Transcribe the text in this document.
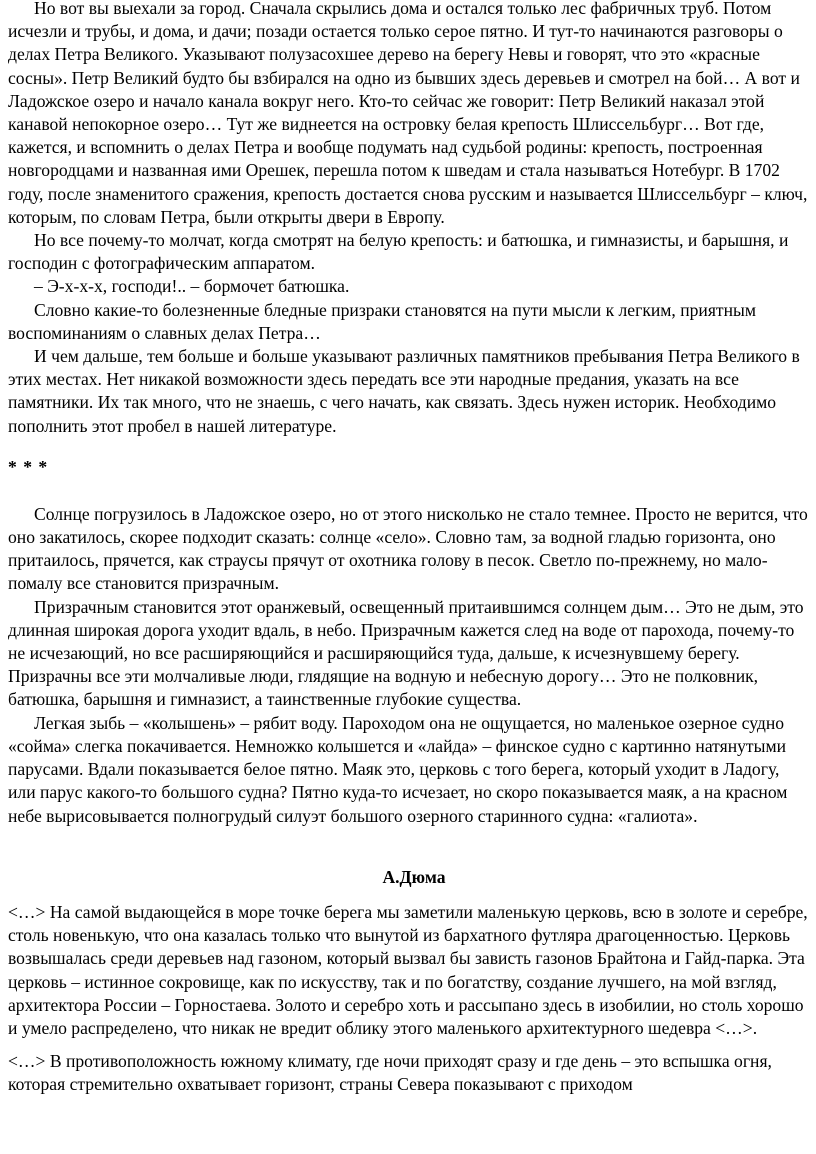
Но вот вы выехали за город. Сначала скрылись дома и остался только лес фабричных труб. Потом исчезли и трубы, и дома, и дачи; позади остается только серое пятно. И тут-то начинаются разговоры о делах Петра Великого. Указывают полузасохшее дерево на берегу Невы и говорят, что это «красные сосны». Петр Великий будто бы взбирался на одно из бывших здесь деревьев и смотрел на бой… А вот и Ладожское озеро и начало канала вокруг него. Кто-то сейчас же говорит: Петр Великий наказал этой канавой непокорное озеро… Тут же виднеется на островку белая крепость Шлиссельбург… Вот где, кажется, и вспомнить о делах Петра и вообще подумать над судьбой родины: крепость, построенная новгородцами и названная ими Орешек, перешла потом к шведам и стала называться Нотебург. В 1702 году, после знаменитого сражения, крепость достается снова русским и называется Шлиссельбург – ключ, которым, по словам Петра, были открыты двери в Европу.

Но все почему-то молчат, когда смотрят на белую крепость: и батюшка, и гимназисты, и барышня, и господин с фотографическим аппаратом.

– Э-х-х-х, господи!.. – бормочет батюшка.

Словно какие-то болезненные бледные призраки становятся на пути мысли к легким, приятным воспоминаниям о славных делах Петра…

И чем дальше, тем больше и больше указывают различных памятников пребывания Петра Великого в этих местах. Нет никакой возможности здесь передать все эти народные предания, указать на все памятники. Их так много, что не знаешь, с чего начать, как связать. Здесь нужен историк. Необходимо пополнить этот пробел в нашей литературе.

* * *

Солнце погрузилось в Ладожское озеро, но от этого нисколько не стало темнее. Просто не верится, что оно закатилось, скорее подходит сказать: солнце «село». Словно там, за водной гладью горизонта, оно притаилось, прячется, как страусы прячут от охотника голову в песок. Светло по-прежнему, но мало-помалу все становится призрачным.

Призрачным становится этот оранжевый, освещенный притаившимся солнцем дым… Это не дым, это длинная широкая дорога уходит вдаль, в небо. Призрачным кажется след на воде от парохода, почему-то не исчезающий, но все расширяющийся и расширяющийся туда, дальше, к исчезнувшему берегу. Призрачны все эти молчаливые люди, глядящие на водную и небесную дорогу… Это не полковник, батюшка, барышня и гимназист, а таинственные глубокие существа.

Легкая зыбь – «колышень» – рябит воду. Пароходом она не ощущается, но маленькое озерное судно «сойма» слегка покачивается. Немножко колышется и «лайда» – финское судно с картинно натянутыми парусами. Вдали показывается белое пятно. Маяк это, церковь с того берега, который уходит в Ладогу, или парус какого-то большого судна? Пятно куда-то исчезает, но скоро показывается маяк, а на красном небе вырисовывается полногрудый силуэт большого озерного старинного судна: «галиота».

А.Дюма

<…> На самой выдающейся в море точке берега мы заметили маленькую церковь, всю в золоте и серебре, столь новенькую, что она казалась только что вынутой из бархатного футляра драгоценностью. Церковь возвышалась среди деревьев над газоном, который вызвал бы зависть газонов Брайтона и Гайд-парка. Эта церковь – истинное сокровище, как по искусству, так и по богатству, создание лучшего, на мой взгляд, архитектора России – Горностаева. Золото и серебро хоть и рассыпано здесь в изобилии, но столь хорошо и умело распределено, что никак не вредит облику этого маленького архитектурного шедевра <…>.

<…> В противоположность южному климату, где ночи приходят сразу и где день – это вспышка огня, которая стремительно охватывает горизонт, страны Севера показывают с приходом
